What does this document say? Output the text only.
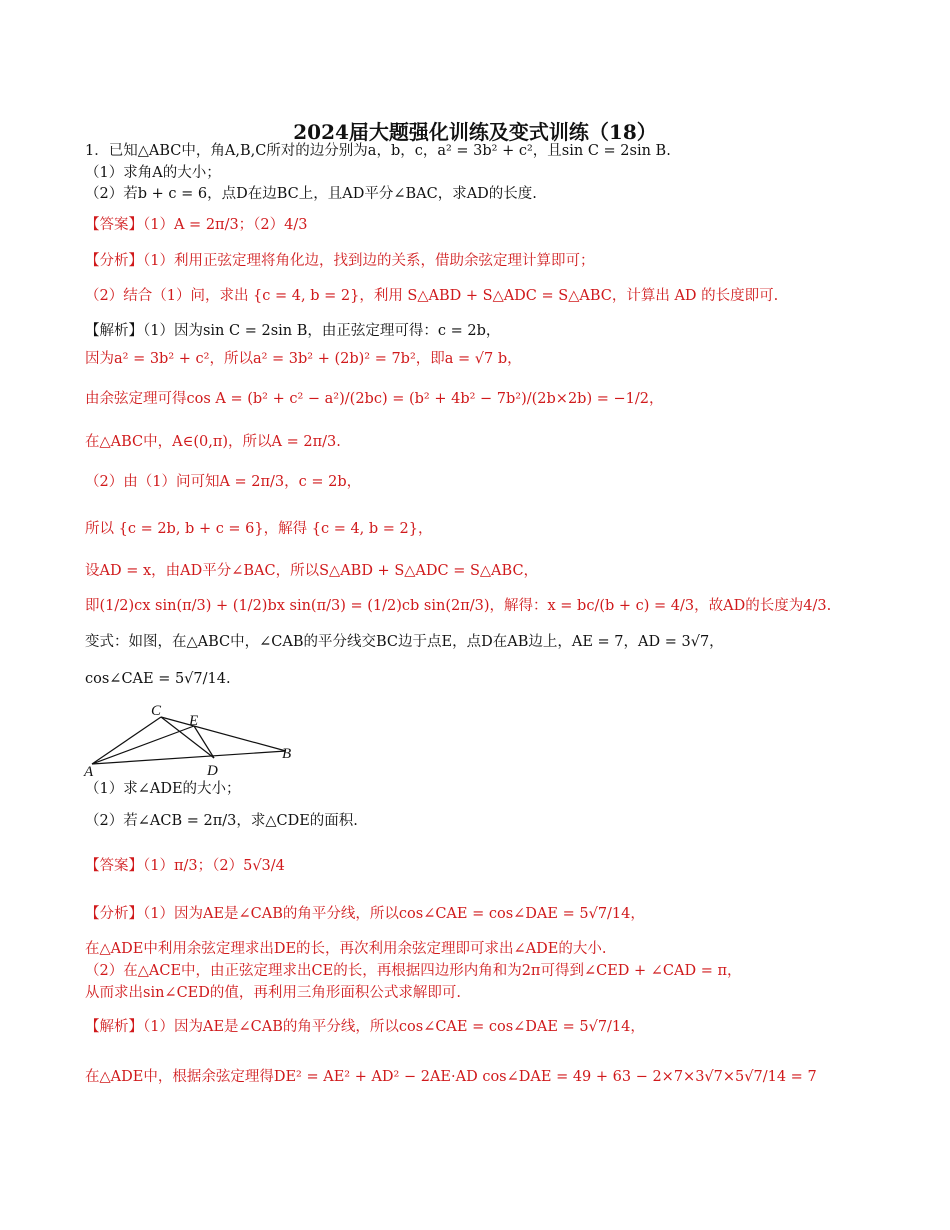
2024届大题强化训练及变式训练（18）
1．已知△ABC中，角A,B,C所对的边分别为a，b，c，a² = 3b² + c²，且sin C = 2sin B.
（1）求角A的大小；
（2）若b + c = 6，点D在边BC上，且AD平分∠BAC，求AD的长度.
【答案】（1）A = 2π/3；（2）4/3
【分析】（1）利用正弦定理将角化边，找到边的关系，借助余弦定理计算即可；
（2）结合（1）问，求出 {c = 4, b = 2}，利用 S△ABD + S△ADC = S△ABC，计算出 AD 的长度即可.
【解析】（1）因为sin C = 2sin B，由正弦定理可得：c = 2b，
因为a² = 3b² + c²，所以a² = 3b² + (2b)² = 7b²，即a = √7 b，
由余弦定理可得cos A = (b² + c² − a²)/(2bc) = (b² + 4b² − 7b²)/(2b×2b) = −1/2，
在△ABC中，A∈(0,π)，所以A = 2π/3.
（2）由（1）问可知A = 2π/3，c = 2b，
所以 {c = 2b, b + c = 6}，解得 {c = 4, b = 2}，
设AD = x，由AD平分∠BAC，所以S△ABD + S△ADC = S△ABC，
即(1/2)cx sin(π/3) + (1/2)bx sin(π/3) = (1/2)cb sin(2π/3)，解得：x = bc/(b + c) = 4/3，故AD的长度为4/3.
变式：如图，在△ABC中，∠CAB的平分线交BC边于点E，点D在AB边上，AE = 7，AD = 3√7，
cos∠CAE = 5√7/14.
C
E
A	D
B
（1）求∠ADE的大小；
（2）若∠ACB = 2π/3，求△CDE的面积.
【答案】（1）π/3；（2）5√3/4
【分析】（1）因为AE是∠CAB的角平分线，所以cos∠CAE = cos∠DAE = 5√7/14，
在△ADE中利用余弦定理求出DE的长，再次利用余弦定理即可求出∠ADE的大小.
（2）在△ACE中，由正弦定理求出CE的长，再根据四边形内角和为2π可得到∠CED + ∠CAD = π，
从而求出sin∠CED的值，再利用三角形面积公式求解即可.
【解析】（1）因为AE是∠CAB的角平分线，所以cos∠CAE = cos∠DAE = 5√7/14，
在△ADE中，根据余弦定理得DE² = AE² + AD² − 2AE·AD cos∠DAE = 49 + 63 − 2×7×3√7×5√7/14 = 7
